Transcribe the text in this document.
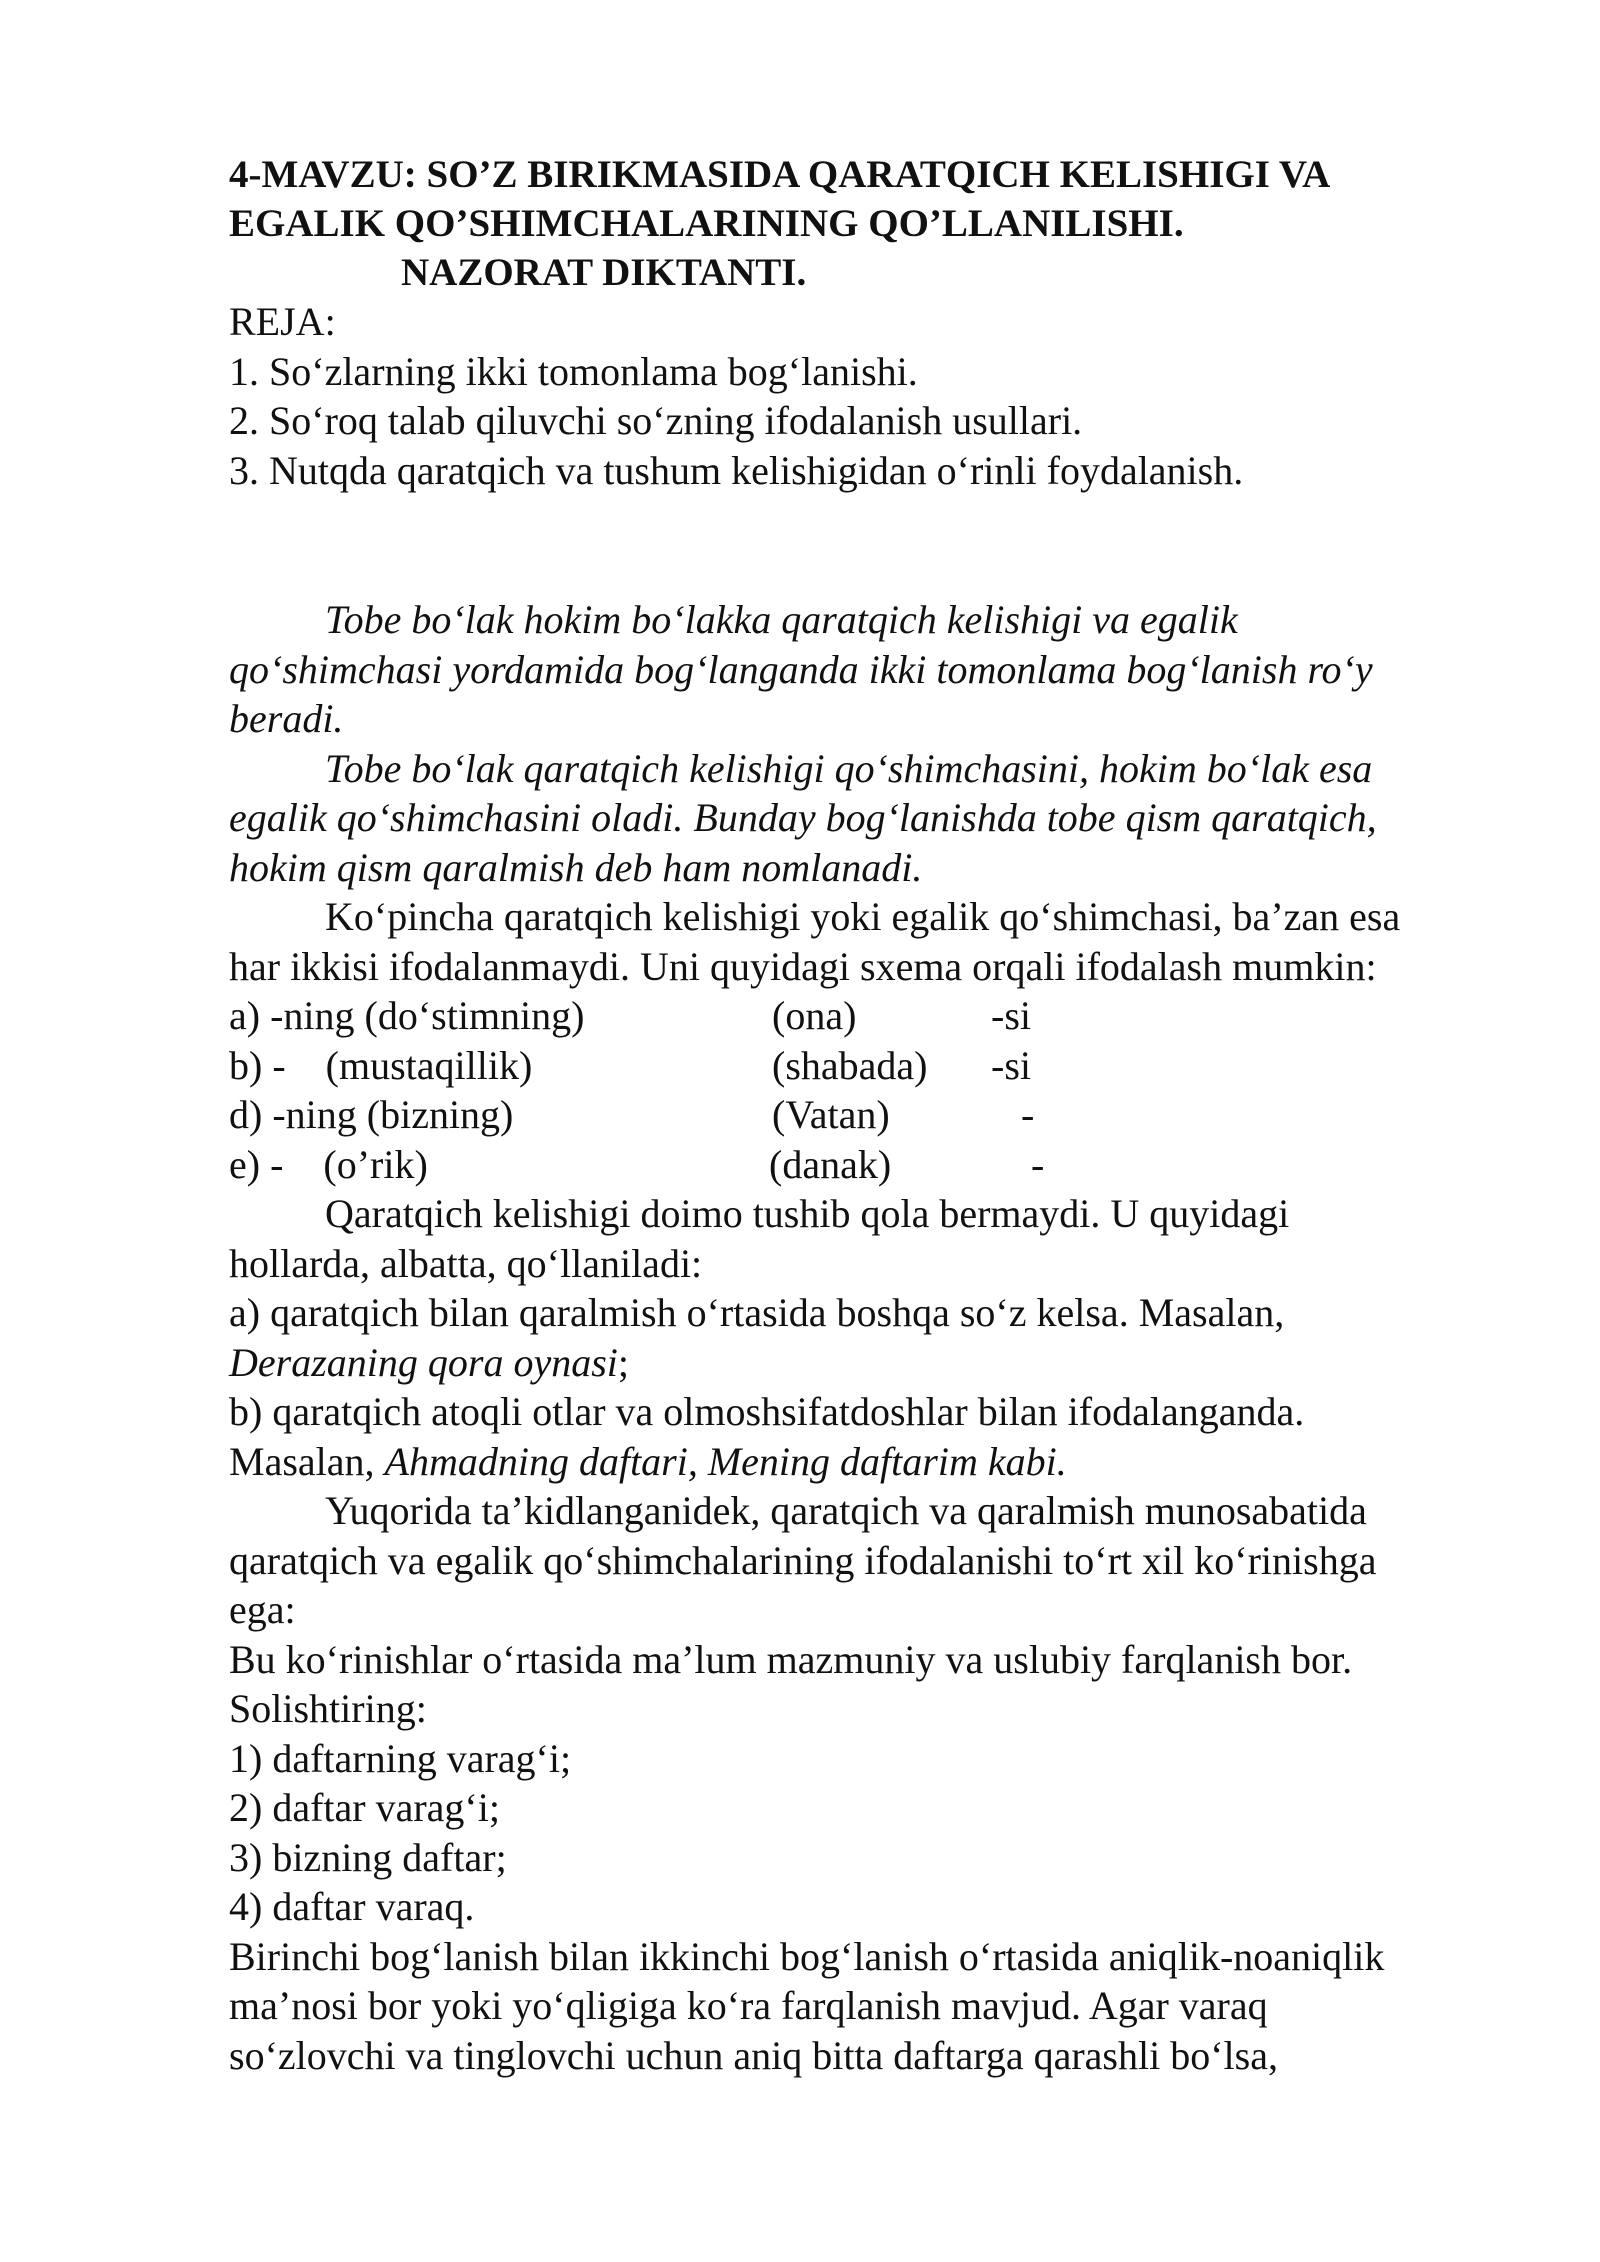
4-MAVZU: SO’Z BIRIKMASIDA QARATQICH KELISHIGI VA
EGALIK QO’SHIMCHALARINING QO’LLANILISHI.
NAZORAT DIKTANTI.
REJA:
1. So‘zlarning ikki tomonlama bog‘lanishi.
2. So‘roq talab qiluvchi so‘zning ifodalanish usullari.
3. Nutqda qaratqich va tushum kelishigidan o‘rinli foydalanish.
Tobe bo‘lak hokim bo‘lakka qaratqich kelishigi va egalik
qo‘shimchasi yordamida bog‘langanda ikki tomonlama bog‘lanish ro‘y
beradi.
Tobe bo‘lak qaratqich kelishigi qo‘shimchasini, hokim bo‘lak esa
egalik qo‘shimchasini oladi. Bunday bog‘lanishda tobe qism qaratqich,
hokim qism qaralmish deb ham nomlanadi.
Ko‘pincha qaratqich kelishigi yoki egalik qo‘shimchasi, ba’zan esa
har ikkisi ifodalanmaydi. Uni quyidagi sxema orqali ifodalash mumkin:
a) -ning (do‘stimning)	(ona)	-si
b) -    (mustaqillik)	(shabada) -si
d) -ning (bizning)	(Vatan)	-
e) -    (o’rik)	(danak) -
Qaratqich kelishigi doimo tushib qola bermaydi. U quyidagi
hollarda, albatta, qo‘llaniladi:
a) qaratqich bilan qaralmish o‘rtasida boshqa so‘z kelsa. Masalan,
Derazaning qora oynasi;
b) qaratqich atoqli otlar va olmoshsifatdoshlar bilan ifodalanganda.
Masalan, Ahmadning daftari, Mening daftarim kabi.
Yuqorida ta’kidlanganidek, qaratqich va qaralmish munosabatida
qaratqich va egalik qo‘shimchalarining ifodalanishi to‘rt xil ko‘rinishga
ega:
Bu ko‘rinishlar o‘rtasida ma’lum mazmuniy va uslubiy farqlanish bor.
Solishtiring:
1) daftarning varag‘i;
2) daftar varag‘i;
3) bizning daftar;
4) daftar varaq.
Birinchi bog‘lanish bilan ikkinchi bog‘lanish o‘rtasida aniqlik-noaniqlik
ma’nosi bor yoki yo‘qligiga ko‘ra farqlanish mavjud. Agar varaq
so‘zlovchi va tinglovchi uchun aniq bitta daftarga qarashli bo‘lsa,
